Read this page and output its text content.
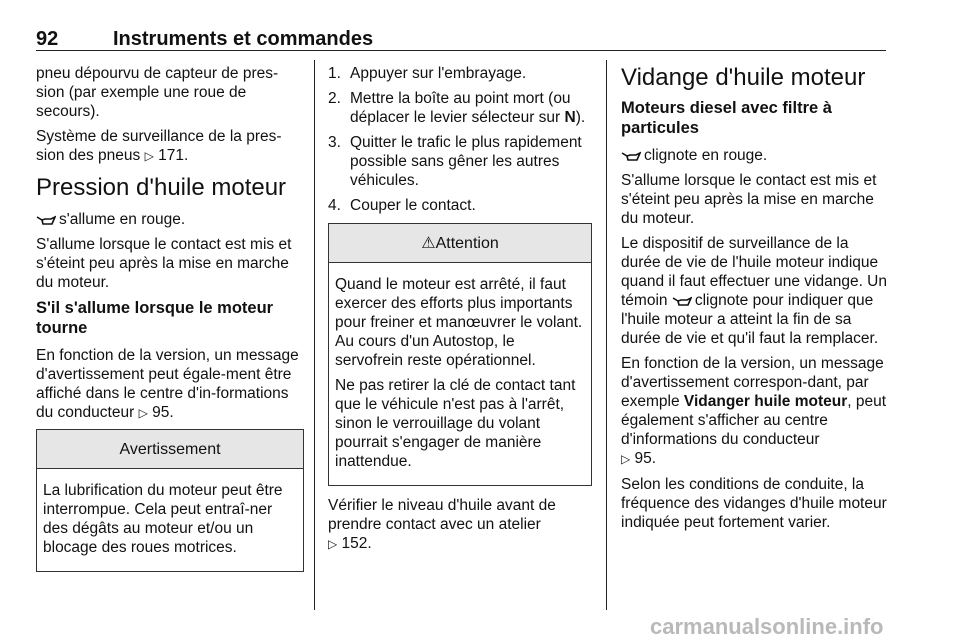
92	Instruments et commandes

pneu dépourvu de capteur de pres-sion (par exemple une roue de secours).

Système de surveillance de la pres-sion des pneus ▷ 171.

Pression d'huile moteur

s'allume en rouge.

S'allume lorsque le contact est mis et s'éteint peu après la mise en marche du moteur.

S'il s'allume lorsque le moteur tourne

En fonction de la version, un message d'avertissement peut égale-ment être affiché dans le centre d'in-formations du conducteur ▷ 95.

Avertissement

La lubrification du moteur peut être interrompue. Cela peut entraî-ner des dégâts au moteur et/ou un blocage des roues motrices.

1. Appuyer sur l'embrayage.
2. Mettre la boîte au point mort (ou déplacer le levier sélecteur sur N).
3. Quitter le trafic le plus rapidement possible sans gêner les autres véhicules.
4. Couper le contact.
⚠Attention

Quand le moteur est arrêté, il faut exercer des efforts plus importants pour freiner et manœuvrer le volant. Au cours d'un Autostop, le servofrein reste opérationnel.

Ne pas retirer la clé de contact tant que le véhicule n'est pas à l'arrêt, sinon le verrouillage du volant pourrait s'engager de manière inattendue.

Vérifier le niveau d'huile avant de prendre contact avec un atelier
▷ 152.

Vidange d'huile moteur
Moteurs diesel avec filtre à particules

clignote en rouge.

S'allume lorsque le contact est mis et s'éteint peu après la mise en marche du moteur.

Le dispositif de surveillance de la durée de vie de l'huile moteur indique quand il faut effectuer une vidange. Un témoin clignote pour indiquer que l'huile moteur a atteint la fin de sa durée de vie et qu'il faut la remplacer.

En fonction de la version, un message d'avertissement correspon-dant, par exemple Vidanger huile moteur, peut également s'afficher au centre d'informations du conducteur
▷ 95.

Selon les conditions de conduite, la fréquence des vidanges d'huile moteur indiquée peut fortement varier.

carmanualsonline.info
